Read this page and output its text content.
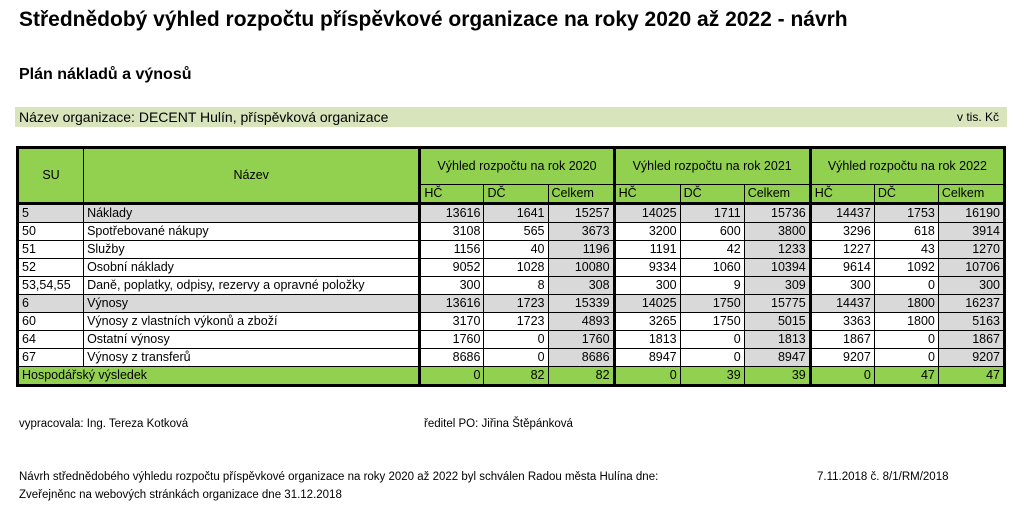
Střednědobý výhled rozpočtu příspěvkové organizace na roky 2020 až 2022 - návrh
Plán nákladů a výnosů
Název organizace: DECENT Hulín, příspěvková organizace	v tis. Kč
SU	Název	Výhled rozpočtu na rok 2020			Výhled rozpočtu na rok 2021			Výhled rozpočtu na rok 2022		
		HČ	DČ	Celkem	HČ	DČ	Celkem	HČ	DČ	Celkem
5	Náklady	13616	1641	15257	14025	1711	15736	14437	1753	16190
50	Spotřebované nákupy	3108	565	3673	3200	600	3800	3296	618	3914
51	Služby	1156	40	1196	1191	42	1233	1227	43	1270
52	Osobní náklady	9052	1028	10080	9334	1060	10394	9614	1092	10706
53,54,55	Daně, poplatky, odpisy, rezervy a opravné položky	300	8	308	300	9	309	300	0	300
6	Výnosy	13616	1723	15339	14025	1750	15775	14437	1800	16237
60	Výnosy z vlastních výkonů a zboží	3170	1723	4893	3265	1750	5015	3363	1800	5163
64	Ostatní výnosy	1760	0	1760	1813	0	1813	1867	0	1867
67	Výnosy z transferů	8686	0	8686	8947	0	8947	9207	0	9207
Hospodářský výsledek		0	82	82	0	39	39	0	47	47
vypracovala: Ing. Tereza Kotková	ředitel PO: Jiřina Štěpánková
Návrh střednědobého výhledu rozpočtu příspěvkové organizace na roky 2020 až 2022 byl schválen Radou města Hulína dne:	7.11.2018 č. 8/1/RM/2018
Zveřejněnc na webových stránkách organizace dne 31.12.2018
